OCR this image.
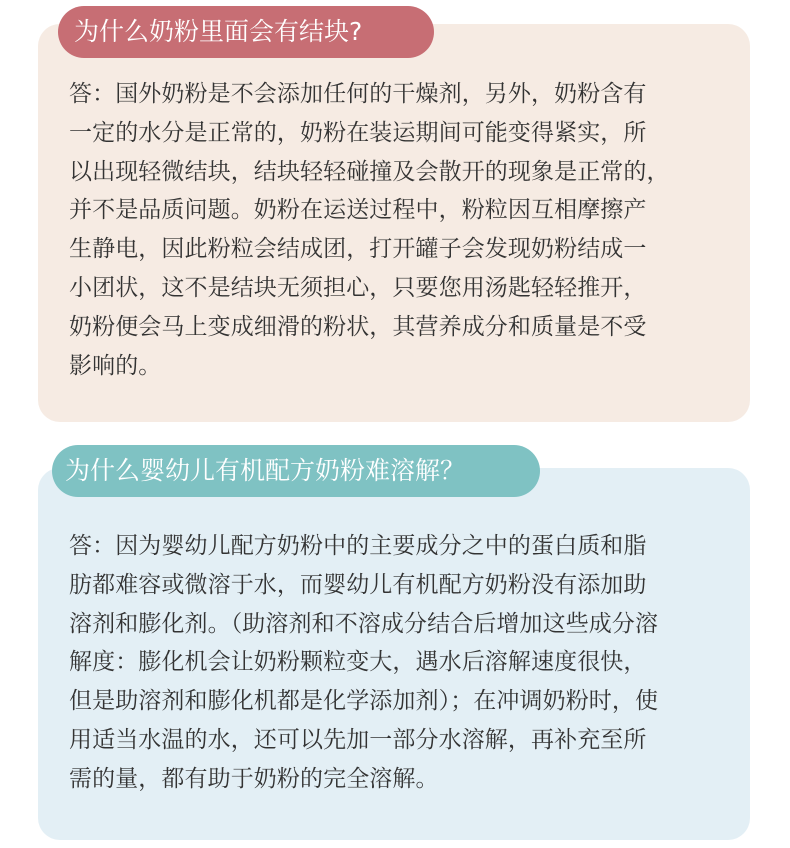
为什么奶粉里面会有结块?

答：国外奶粉是不会添加任何的干燥剂，另外，奶粉含有
一定的水分是正常的，奶粉在装运期间可能变得紧实，所
以出现轻微结块，结块轻轻碰撞及会散开的现象是正常的，
并不是品质问题。奶粉在运送过程中，粉粒因互相摩擦产
生静电，因此粉粒会结成团，打开罐子会发现奶粉结成一
小团状，这不是结块无须担心，只要您用汤匙轻轻推开，
奶粉便会马上变成细滑的粉状，其营养成分和质量是不受
影响的。

为什么婴幼儿有机配方奶粉难溶解？

答：因为婴幼儿配方奶粉中的主要成分之中的蛋白质和脂
肪都难容或微溶于水，而婴幼儿有机配方奶粉没有添加助
溶剂和膨化剂。（助溶剂和不溶成分结合后增加这些成分溶
解度：膨化机会让奶粉颗粒变大，遇水后溶解速度很快，
但是助溶剂和膨化机都是化学添加剂）；在冲调奶粉时，使
用适当水温的水，还可以先加一部分水溶解，再补充至所
需的量，都有助于奶粉的完全溶解。
